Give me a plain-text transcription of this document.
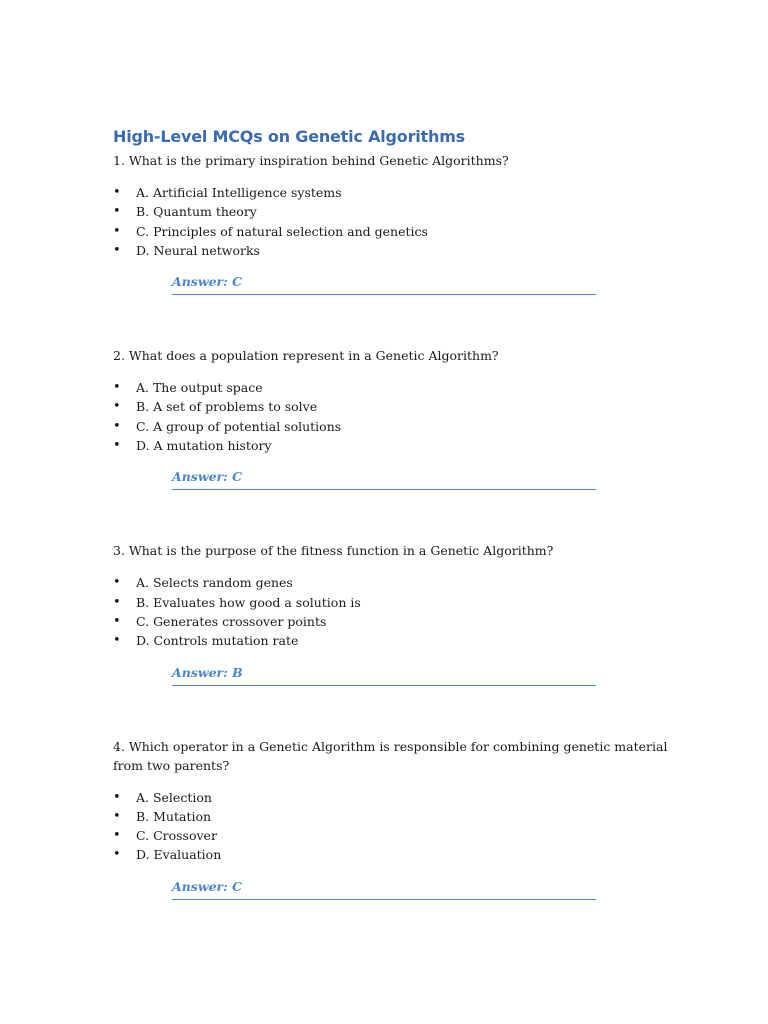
High-Level MCQs on Genetic Algorithms

1. What is the primary inspiration behind Genetic Algorithms?

• A. Artificial Intelligence systems
• B. Quantum theory
• C. Principles of natural selection and genetics
• D. Neural networks
Answer: C

2. What does a population represent in a Genetic Algorithm?

• A. The output space
• B. A set of problems to solve
• C. A group of potential solutions
• D. A mutation history
Answer: C

3. What is the purpose of the fitness function in a Genetic Algorithm?

• A. Selects random genes
• B. Evaluates how good a solution is
• C. Generates crossover points
• D. Controls mutation rate
Answer: B

4. Which operator in a Genetic Algorithm is responsible for combining genetic material from two parents?

• A. Selection
• B. Mutation
• C. Crossover
• D. Evaluation
Answer: C
